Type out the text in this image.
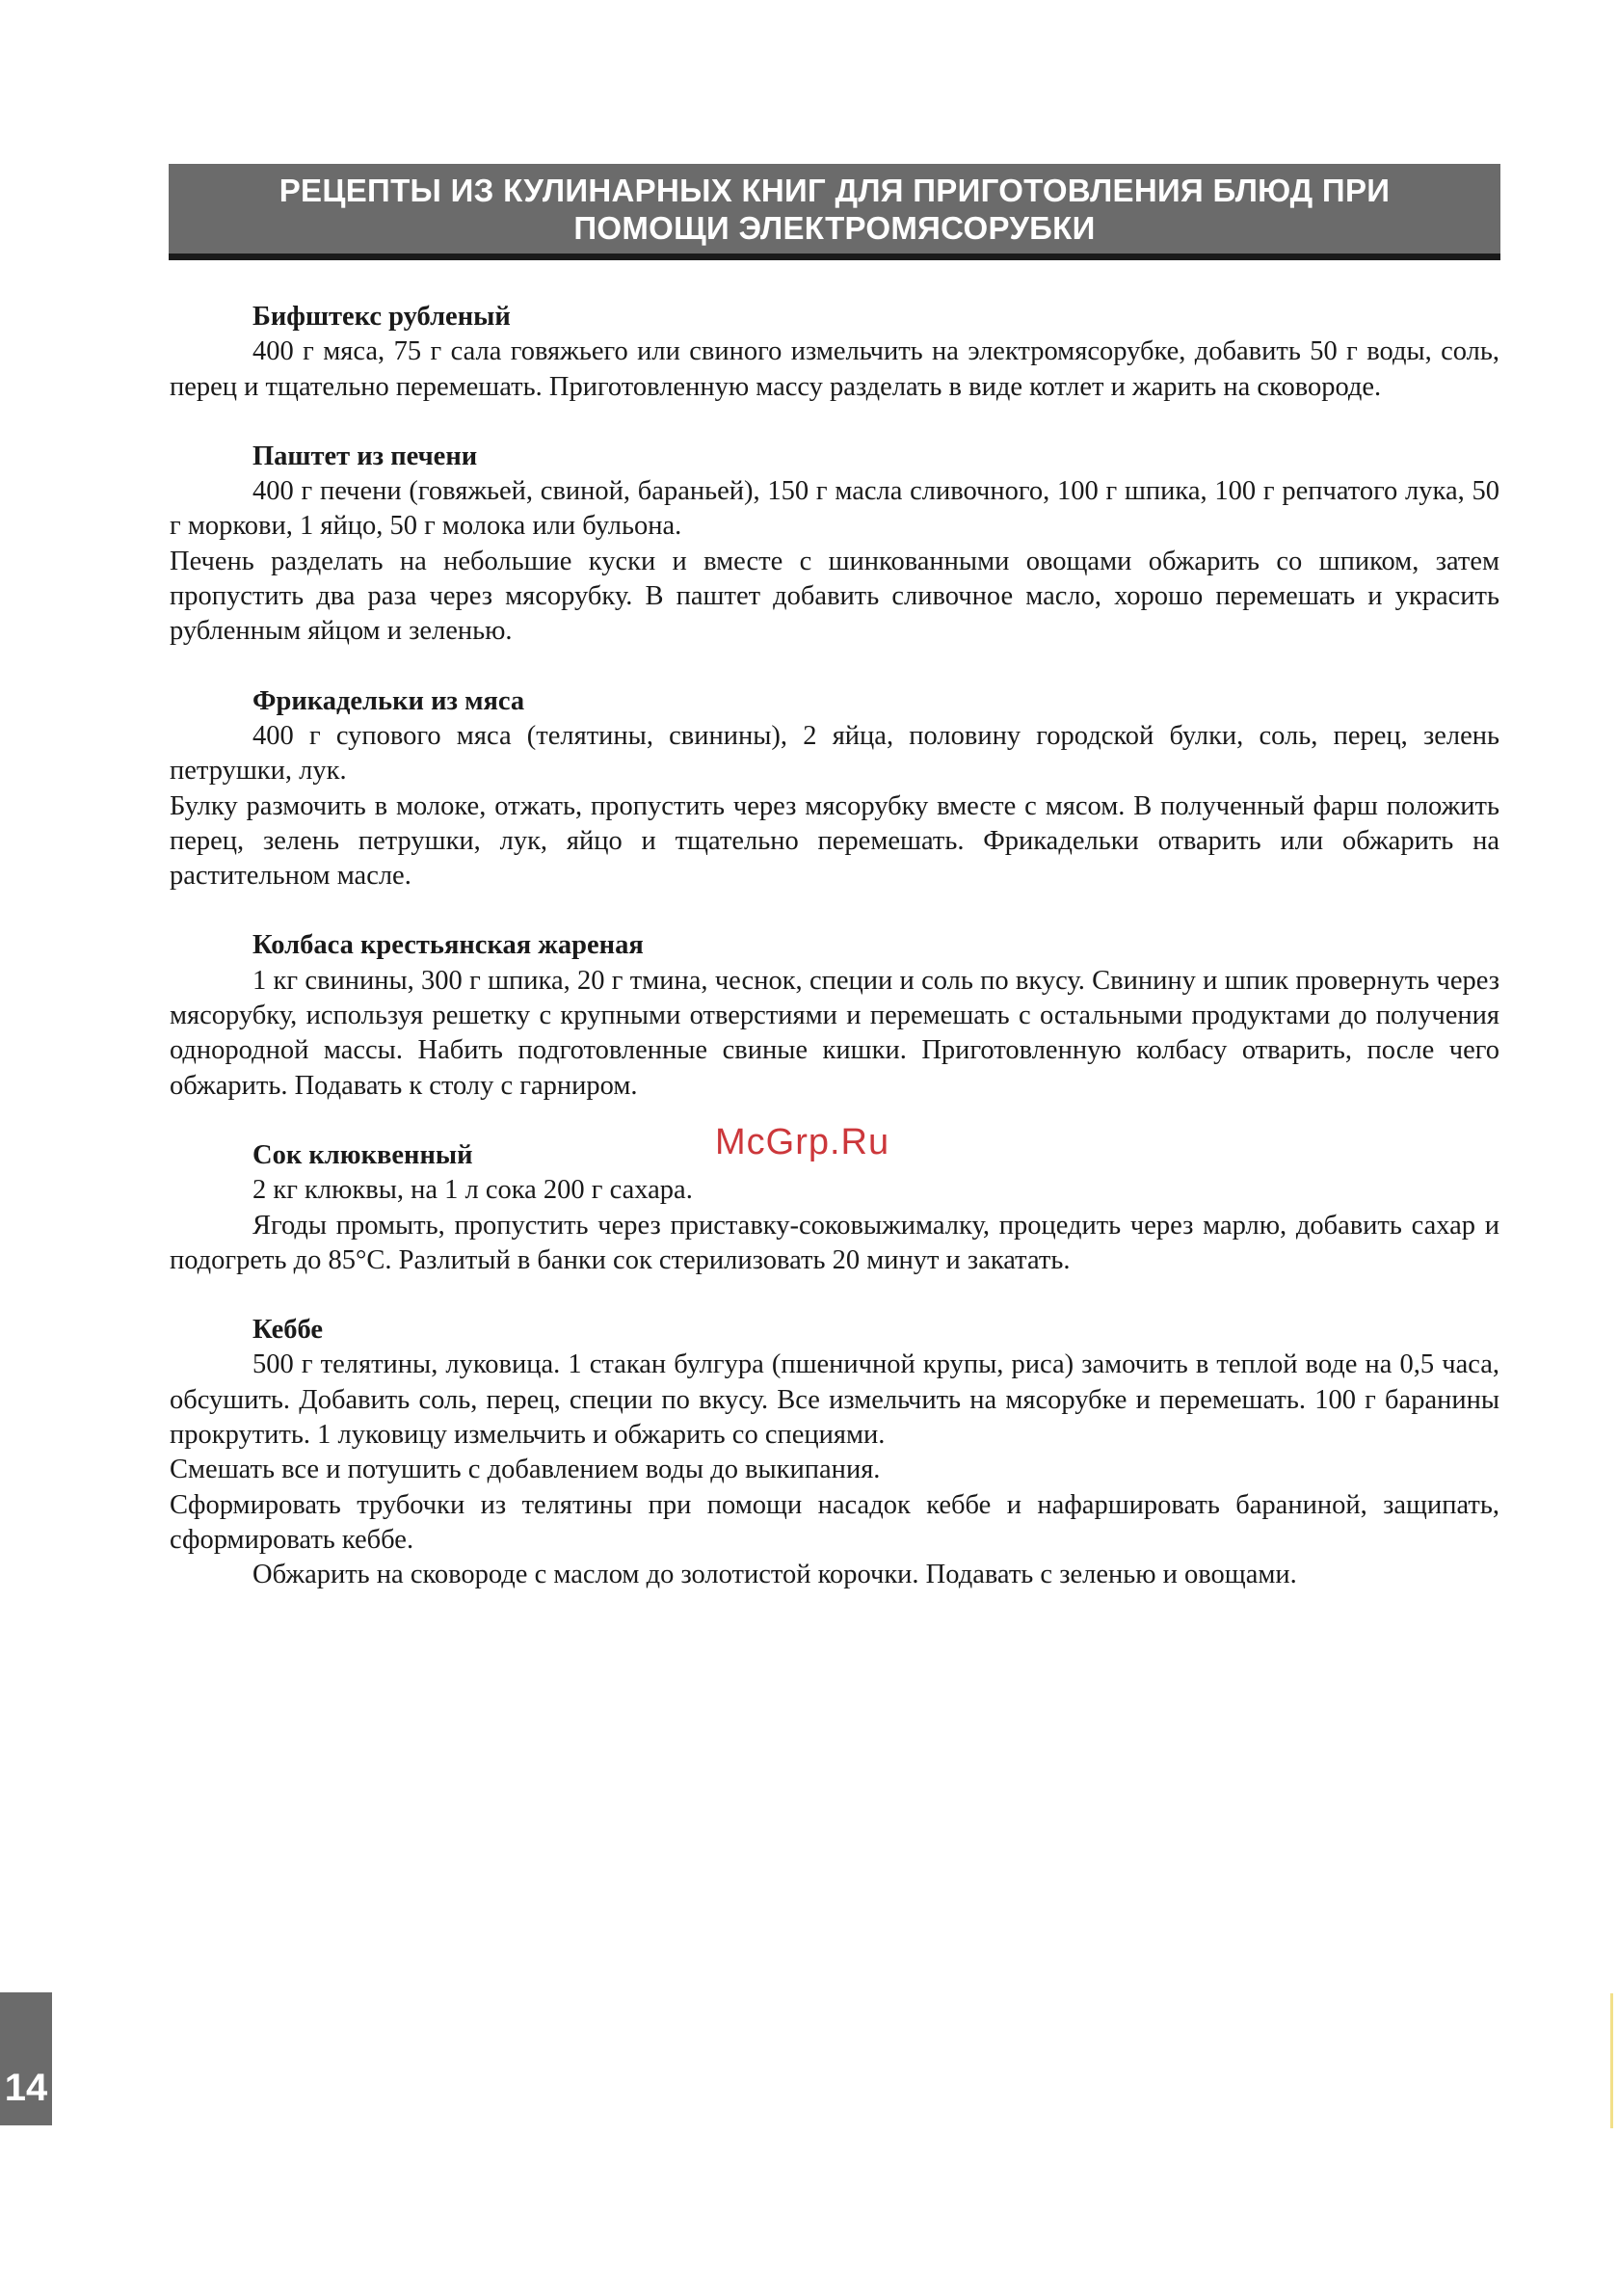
РЕЦЕПТЫ ИЗ КУЛИНАРНЫХ КНИГ ДЛЯ ПРИГОТОВЛЕНИЯ БЛЮД ПРИ
ПОМОЩИ ЭЛЕКТРОМЯСОРУБКИ
Бифштекс рубленый
400 г мяса, 75 г сала говяжьего или свиного измельчить на электромясорубке, добавить 50 г воды, соль, перец и тщательно перемешать. Приготовленную массу разделать в виде котлет и жарить на сковороде.
Паштет из печени
400 г печени (говяжьей, свиной, бараньей), 150 г масла сливочного, 100 г шпика, 100 г репчатого лука, 50 г моркови, 1 яйцо, 50 г молока или бульона.
Печень разделать на небольшие куски и вместе с шинкованными овощами обжарить со шпиком, затем пропустить два раза через мясорубку. В паштет добавить сливочное масло, хорошо перемешать и украсить рубленным яйцом и зеленью.
Фрикадельки из мяса
400 г супового мяса (телятины, свинины), 2 яйца, половину городской булки, соль, перец, зелень петрушки, лук.
Булку размочить в молоке, отжать, пропустить через мясорубку вместе с мясом. В полученный фарш положить перец, зелень петрушки, лук, яйцо и тщательно перемешать. Фрикадельки отварить или обжарить на растительном масле.
Колбаса крестьянская жареная
1 кг свинины, 300 г шпика, 20 г тмина, чеснок, специи и соль по вкусу. Свинину и шпик провернуть через мясорубку, используя решетку с крупными отверстиями и перемешать с остальными продуктами до получения однородной массы. Набить подготовленные свиные кишки. Приготовленную колбасу отварить, после чего обжарить. Подавать к столу с гарниром.
Сок клюквенный
2 кг клюквы, на 1 л сока 200 г сахара.
Ягоды промыть, пропустить через приставку-соковыжималку, процедить через марлю, добавить сахар и подогреть до 85°С. Разлитый в банки сок стерилизовать 20 минут и закатать.
Кеббе
500 г телятины, луковица. 1 стакан булгура (пшеничной крупы, риса) замочить в теплой воде на 0,5 часа, обсушить. Добавить соль, перец, специи по вкусу. Все измельчить на мясорубке и перемешать. 100 г баранины прокрутить. 1 луковицу измельчить и обжарить со специями.
Смешать все и потушить с добавлением воды до выкипания.
Сформировать трубочки из телятины при помощи насадок кеббе и нафаршировать бараниной, защипать, сформировать кеббе.
Обжарить на сковороде с маслом до золотистой корочки. Подавать с зеленью и овощами.
McGrp.Ru
14
